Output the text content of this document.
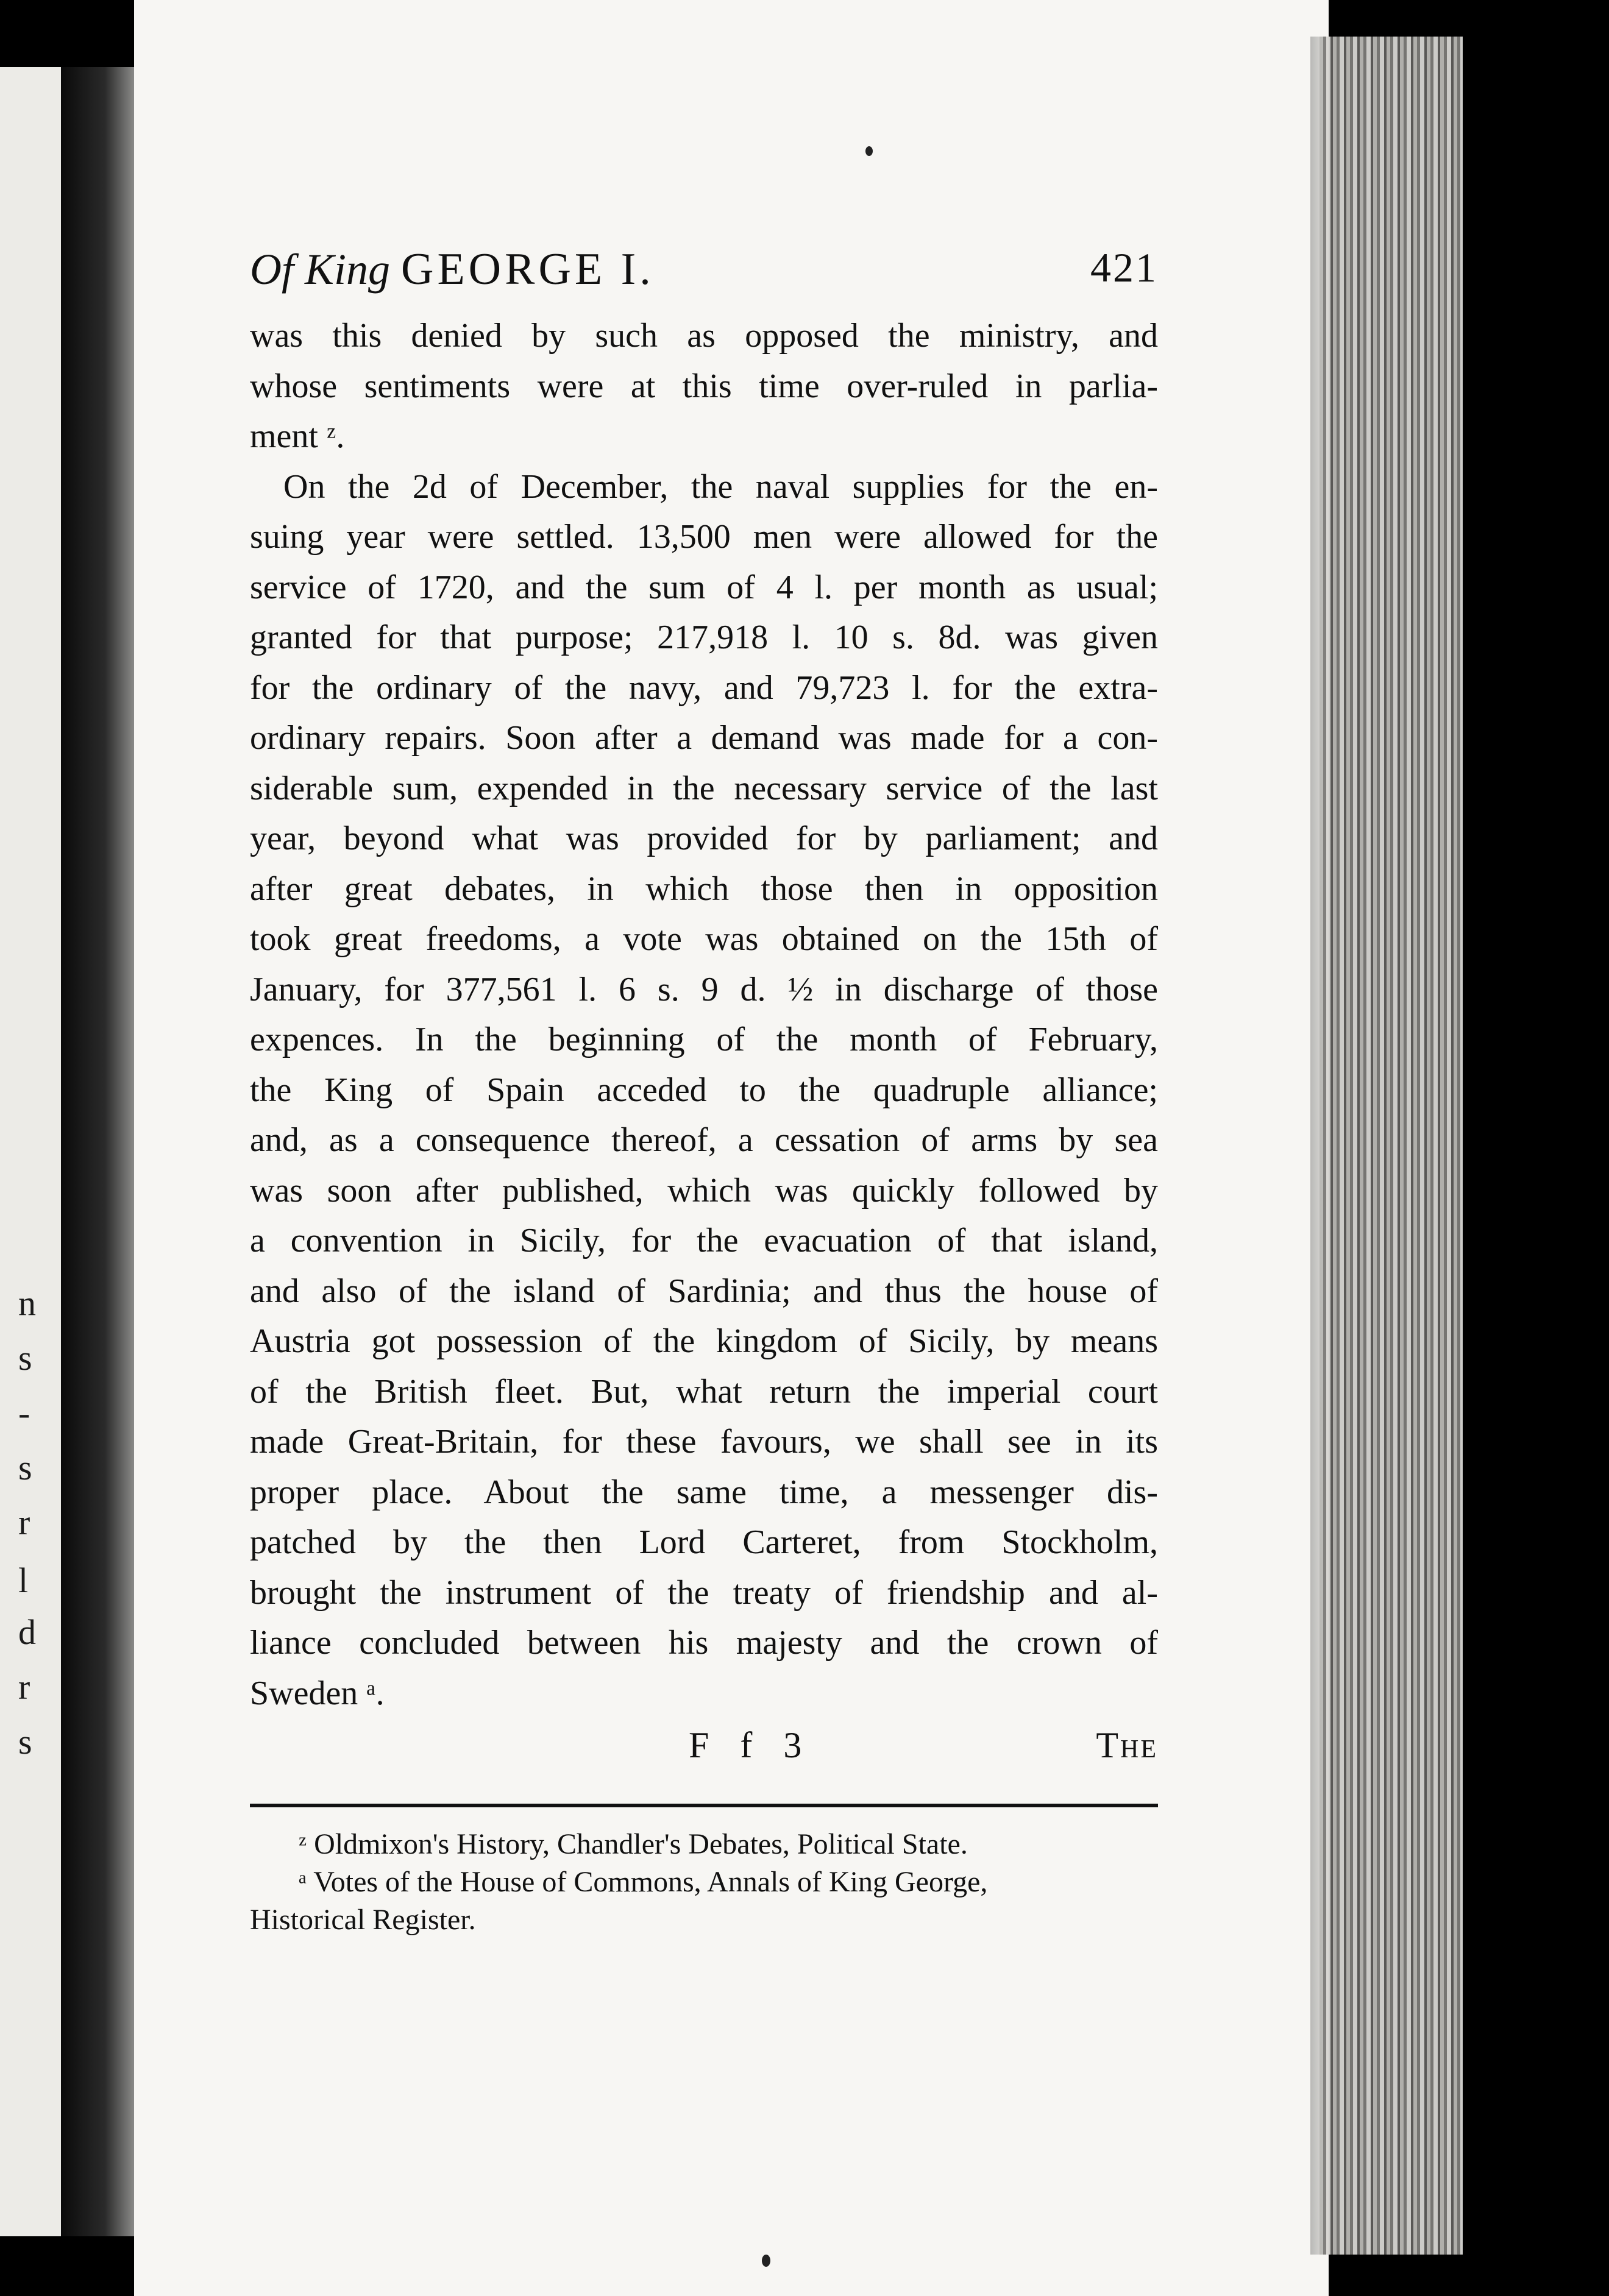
n
s
-
s
r
l
d
r
s
Of King GEORGE I.	421
was this denied by such as opposed the ministry, and
whose sentiments were at this time over-ruled in parlia-
ment ᶻ.
On the 2d of December, the naval supplies for the en-
suing year were settled. 13,500 men were allowed for the
service of 1720, and the sum of 4 l. per month as usual;
granted for that purpose; 217,918 l. 10 s. 8d. was given
for the ordinary of the navy, and 79,723 l. for the extra-
ordinary repairs. Soon after a demand was made for a con-
siderable sum, expended in the necessary service of the last
year, beyond what was provided for by parliament; and
after great debates, in which those then in opposition
took great freedoms, a vote was obtained on the 15th of
January, for 377,561 l. 6 s. 9 d. ½ in discharge of those
expences. In the beginning of the month of February,
the King of Spain acceded to the quadruple alliance;
and, as a consequence thereof, a cessation of arms by sea
was soon after published, which was quickly followed by
a convention in Sicily, for the evacuation of that island,
and also of the island of Sardinia; and thus the house of
Austria got possession of the kingdom of Sicily, by means
of the British fleet. But, what return the imperial court
made Great-Britain, for these favours, we shall see in its
proper place. About the same time, a messenger dis-
patched by the then Lord Carteret, from Stockholm,
brought the instrument of the treaty of friendship and al-
liance concluded between his majesty and the crown of
Sweden ᵃ.
F f 3	The
ᶻ Oldmixon's History, Chandler's Debates, Political State.
ᵃ Votes of the House of Commons, Annals of King George,
Historical Register.
